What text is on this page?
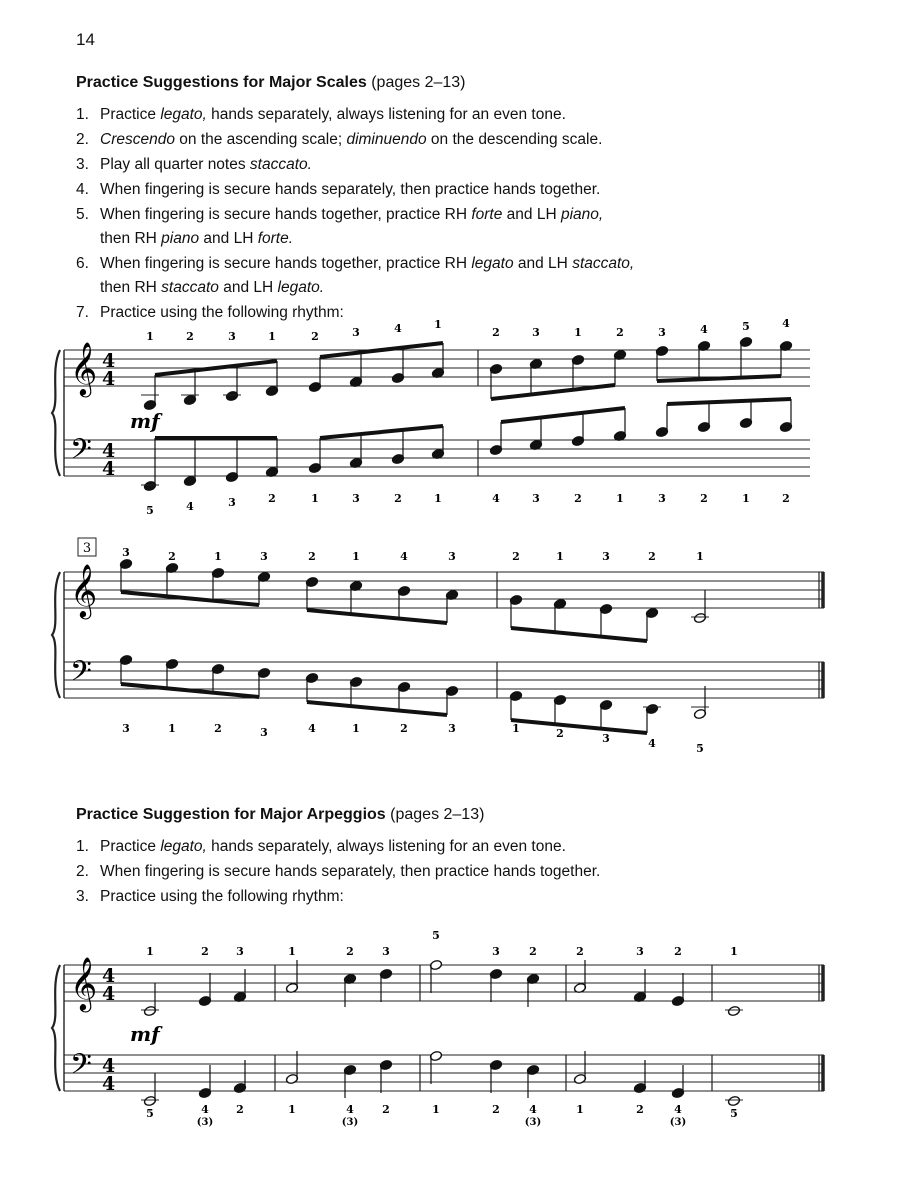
14
Practice Suggestions for Major Scales (pages 2–13)
1. Practice legato, hands separately, always listening for an even tone.
2. Crescendo on the ascending scale; diminuendo on the descending scale.
3. Play all quarter notes staccato.
4. When fingering is secure hands separately, then practice hands together.
5. When fingering is secure hands together, practice RH forte and LH piano,
then RH piano and LH forte.
6. When fingering is secure hands together, practice RH legato and LH staccato,
then RH staccato and LH legato.
7. Practice using the following rhythm:
𝄞
𝄢
4
4
4
4
1	2	3	1	2	3	4	1
2	3	1	2	3	4	5	4
mf
5	4	3	2	1	3	2	1	4	3	2	1	3	2	1	2
3
𝄞
𝄢
3	2	1	3	2	1	4	3	2	1	3	2	1
3	1	2	3	4	1	2	3	1	2	3	4	5
Practice Suggestion for Major Arpeggios (pages 2–13)
1. Practice legato, hands separately, always listening for an even tone.
2. When fingering is secure hands separately, then practice hands together.
3. Practice using the following rhythm:
𝄞
𝄢
4
4
4
4
mf
1	2 3	1	2	3
5
3	2	2	3	2	1
5	4
(3)
2	1	4
(3)
2	1	2	4
(3)
1	2	4
(3)
5
